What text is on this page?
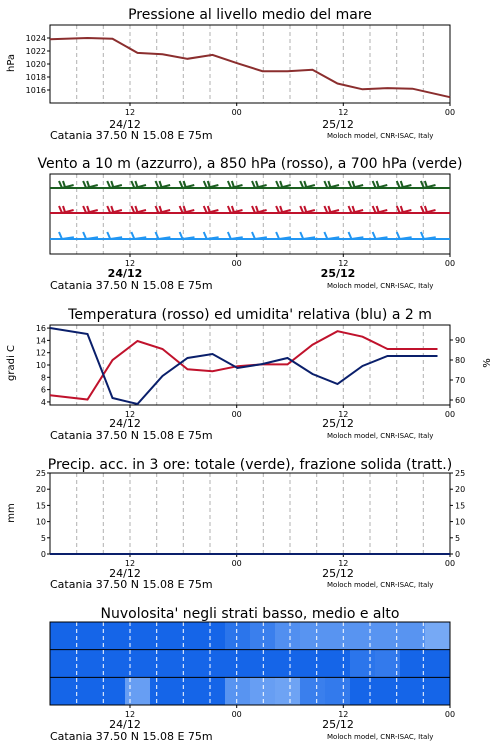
Pressione al livello medio del mare
hPa
Catania 37.50 N 15.08 E 75m	Moloch model, CNR-ISAC, Italy
12	00	12	00
24/12	25/12
1016
1018
1020
1022
1024
Vento a 10 m (azzurro), a 850 hPa (rosso), a 700 hPa (verde)
Catania 37.50 N 15.08 E 75m	Moloch model, CNR-ISAC, Italy
12	00	12	00
24/12	25/12
Temperatura (rosso) ed umidita' relativa (blu) a 2 m
gradi C	%
Catania 37.50 N 15.08 E 75m	Moloch model, CNR-ISAC, Italy
12	00	12	00
24/12	25/12
4
6
8
10
12
14
16
60
70
80
90
Precip. acc. in 3 ore: totale (verde), frazione solida (tratt.)
mm
Catania 37.50 N 15.08 E 75m	Moloch model, CNR-ISAC, Italy
12	00	12	00
24/12	25/12
0
5
10
15
20
25
0
5
10
15
20
25
Nuvolosita' negli strati basso, medio e alto
Catania 37.50 N 15.08 E 75m	Moloch model, CNR-ISAC, Italy
12	00	12	00
24/12	25/12
